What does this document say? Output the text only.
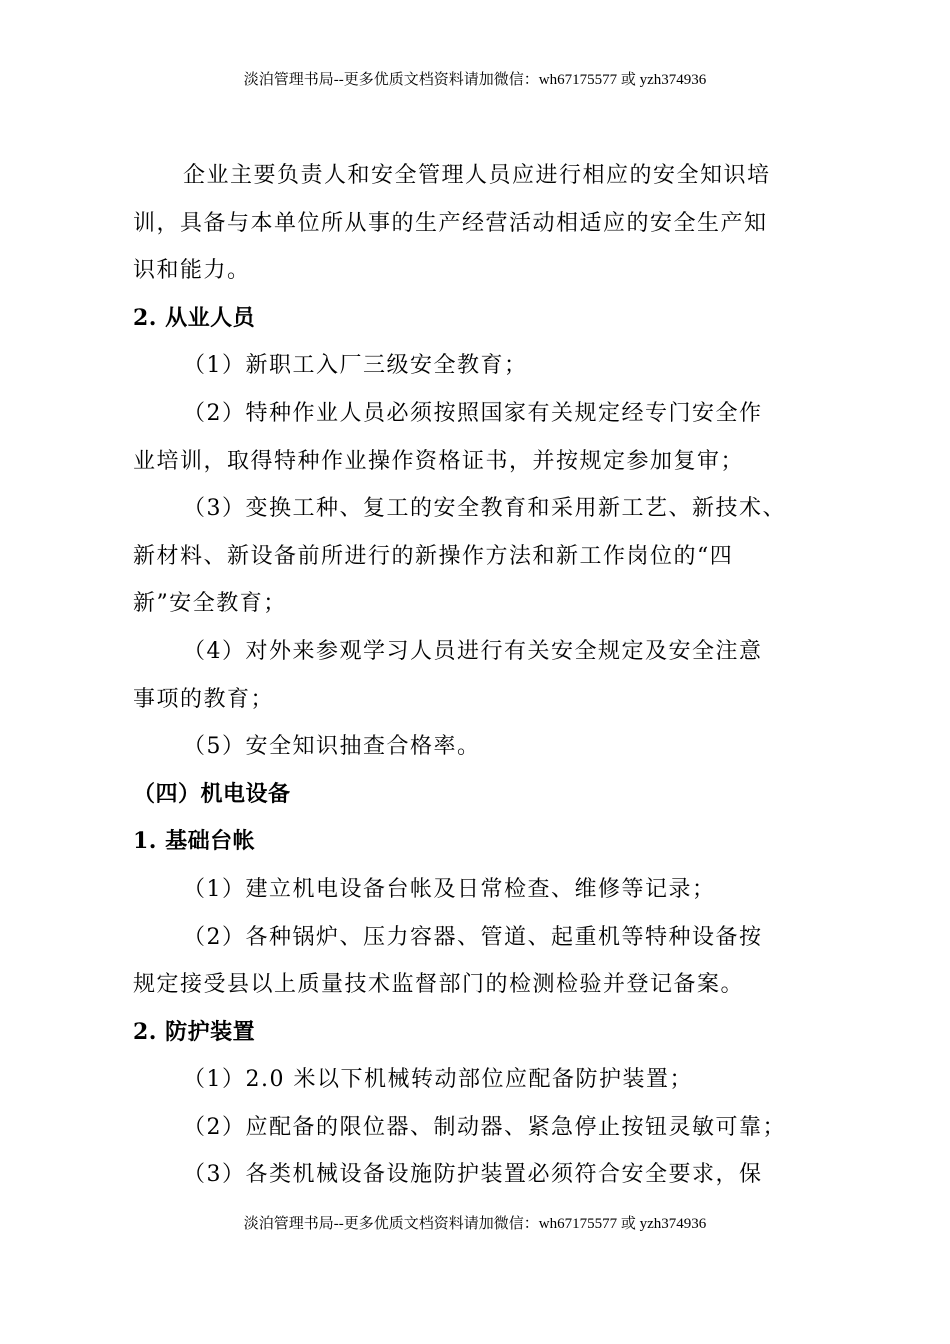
淡泊管理书局--更多优质文档资料请加微信：wh67175577 或 yzh374936
企业主要负责人和安全管理人员应进行相应的安全知识培
训，具备与本单位所从事的生产经营活动相适应的安全生产知
识和能力。
2. 从业人员
（1）新职工入厂三级安全教育；
（2）特种作业人员必须按照国家有关规定经专门安全作
业培训，取得特种作业操作资格证书，并按规定参加复审；
（3）变换工种、复工的安全教育和采用新工艺、新技术、
新材料、新设备前所进行的新操作方法和新工作岗位的“四
新”安全教育；
（4）对外来参观学习人员进行有关安全规定及安全注意
事项的教育；
（5）安全知识抽查合格率。
（四）机电设备
1. 基础台帐
（1）建立机电设备台帐及日常检查、维修等记录；
（2）各种锅炉、压力容器、管道、起重机等特种设备按
规定接受县以上质量技术监督部门的检测检验并登记备案。
2. 防护装置
（1）2.0 米以下机械转动部位应配备防护装置；
（2）应配备的限位器、制动器、紧急停止按钮灵敏可靠；
（3）各类机械设备设施防护装置必须符合安全要求，保
淡泊管理书局--更多优质文档资料请加微信：wh67175577 或 yzh374936
